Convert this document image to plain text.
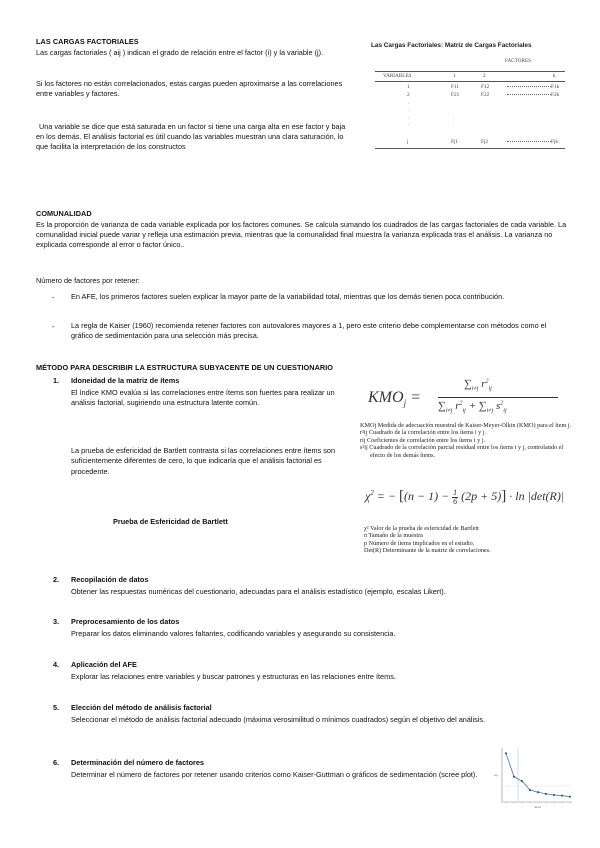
LAS CARGAS FACTORIALES
Las cargas factoriales ( aij ) indican el grado de relación entre el factor (i) y la variable (j).
Si los factores no están correlacionados, estas cargas pueden aproximarse a las correlaciones entre variables y factores.
Una variable se dice que está saturada en un factor si tiene una carga alta en ese factor y baja en los demás. El análisis factorial es útil cuando las variables muestran una clara saturación, lo que facilita la interpretación de los constructos
Las Cargas Factoriales: Matriz de Cargas Factoriales
FACTORES
VARIABLES	1	2	k
1	F11	F12	F1k
2	F21	F22	F2k
.
.
.
.
.
.
j	Fj1	Fj2	Fjk
COMUNALIDAD
Es la proporción de varianza de cada variable explicada por los factores comunes. Se calcula sumando los cuadrados de las cargas factoriales de cada variable. La comunalidad inicial puede variar y refleja una estimación previa, mientras que la comunalidad final muestra la varianza explicada tras el análisis. La varianza no explicada corresponde al error o factor único..
Número de factores por retener:
- En AFE, los primeros factores suelen explicar la mayor parte de la variabilidad total, mientras que los demás tienen poca contribución.
- La regla de Kaiser (1960) recomienda retener factores con autovalores mayores a 1, pero este criterio debe complementarse con métodos como el gráfico de sedimentación para una selección más precisa.
MÉTODO PARA DESCRIBIR LA ESTRUCTURA SUBYACENTE DE UN CUESTIONARIO
1. Idoneidad de la matriz de ítems
El índice KMO evalúa si las correlaciones entre ítems son fuertes para realizar un análisis factorial, sugiriendo una estructura latente común.
La prueba de esfericidad de Bartlett contrasta si las correlaciones entre ítems son suficientemente diferentes de cero, lo que indicaría que el análisis factorial es procedente.
Prueba de Esfericidad de Bartlett
$KMO_j$ =
$\sum_{i\ne j}$ $r^2_{ij}$
$\sum_{i\ne j}$ $r^2_{ij} + \sum_{i\ne j}$ $s^2_{ij}$
KMOj Medida de adecuación muestral de Kaiser-Meyer-Olkin (KMO) para el ítem j.
r²ij Cuadrado de la correlación entre los ítems i y j.
rij Coeficientes de correlación entre los ítems i y j.
s²ij Cuadrado de la correlación parcial residual entre los ítems i y j, controlando el efecto de los demás ítems.
$\chi^2$ = − $[(n - 1) - \frac{1}{6} (2p + 5)] \cdot \ln |\det(R)|$
χ² Valor de la prueba de esfericidad de Bartlett
n Tamaño de la muestra
p Número de ítems implicados en el estudio.
Det(R) Determinante de la matriz de correlaciones.
2. Recopilación de datos
Obtener las respuestas numéricas del cuestionario, adecuadas para el análisis estadístico (ejemplo, escalas Likert).
3. Preprocesamiento de los datos
Preparar los datos eliminando valores faltantes, codificando variables y asegurando su consistencia.
4. Aplicación del AFE
Explorar las relaciones entre variables y buscar patrones y estructuras en las relaciones entre ítems.
5. Elección del método de análisis factorial
Seleccionar el método de análisis factorial adecuado (máxima verosimilitud o mínimos cuadrados) según el objetivo del análisis.
6. Determinación del número de factores
Determinar el número de factores por retener usando criterios como Kaiser-Guttman o gráficos de sedimentación (scree plot).	eig.
factor
